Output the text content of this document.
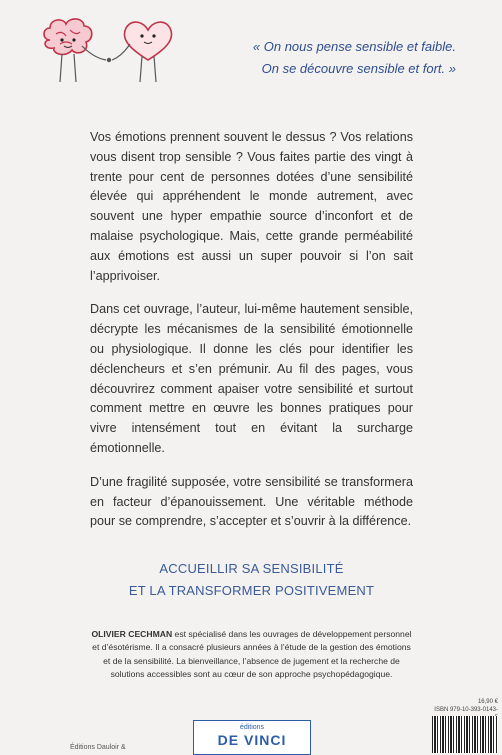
« On nous pense sensible et faible.

On se découvre sensible et fort. »

Vos émotions prennent souvent le dessus ? Vos relations vous disent trop sensible ? Vous faites partie des vingt à trente pour cent de personnes dotées d’une sensibilité élevée qui appréhendent le monde autrement, avec souvent une hyper empathie source d’inconfort et de malaise psychologique. Mais, cette grande perméabilité aux émotions est aussi un super pouvoir si l’on sait l’apprivoiser.

Dans cet ouvrage, l’auteur, lui-même hautement sensible, décrypte les mécanismes de la sensibilité émotionnelle ou physiologique. Il donne les clés pour identifier les déclencheurs et s’en prémunir. Au fil des pages, vous découvrirez comment apaiser votre sensibilité et surtout comment mettre en œuvre les bonnes pratiques pour vivre intensément tout en évitant la surcharge émotionnelle.

D’une fragilité supposée, votre sensibilité se transformera en facteur d’épanouissement. Une véritable méthode pour se comprendre, s’accepter et s’ouvrir à la différence.

ACCUEILLIR SA SENSIBILITÉ
ET LA TRANSFORMER POSITIVEMENT
OLIVIER CECHMAN est spécialisé dans les ouvrages de développement personnel et d’ésotérisme. Il a consacré plusieurs années à l’étude de la gestion des émotions et de la sensibilité. La bienveillance, l’absence de jugement et la recherche de solutions accessibles sont au cœur de son approche psychopédagogique.
16,90 €
ISBN 979-10-393-0143-
éditions
DE VINCI
Éditions Dauloir &
